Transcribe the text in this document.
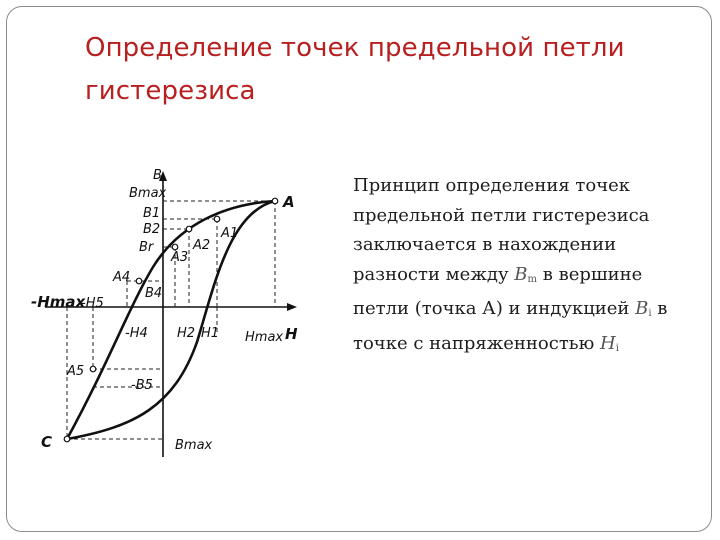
Определение точек предельной петли
гистерезиса
B
H
Bmax
B1
B2
Br
-Hmax
-H5
-H4 H2 H1 Hmax
-B5
Bmax
A
A1
A2
A3
A4
B4
A5
C

Принцип определения точек предельной петли гистерезиса заключается в нахождении разности между $B_m$ в вершине петли (точка А) и индукцией $B_i$ в точке с напряженностью $H_i$
